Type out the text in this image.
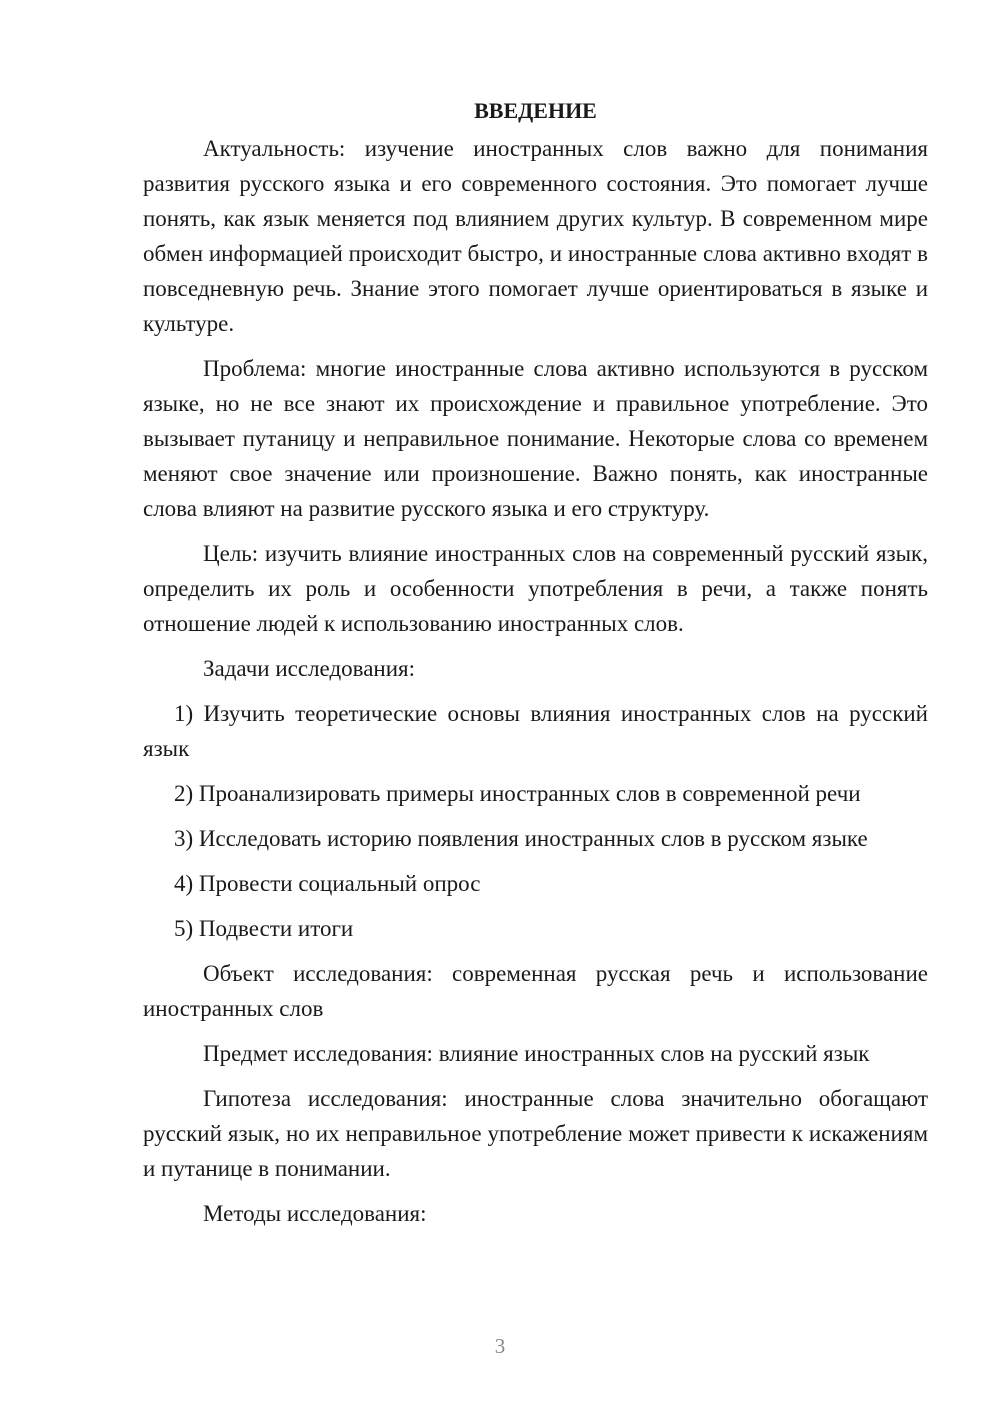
ВВЕДЕНИЕ

Актуальность: изучение иностранных слов важно для понимания развития русского языка и его современного состояния. Это помогает лучше понять, как язык меняется под влиянием других культур. В современном мире обмен информацией происходит быстро, и иностранные слова активно входят в повседневную речь. Знание этого помогает лучше ориентироваться в языке и культуре.

Проблема: многие иностранные слова активно используются в русском языке, но не все знают их происхождение и правильное употребление. Это вызывает путаницу и неправильное понимание. Некоторые слова со временем меняют свое значение или произношение. Важно понять, как иностранные слова влияют на развитие русского языка и его структуру.

Цель: изучить влияние иностранных слов на современный русский язык, определить их роль и особенности употребления в речи, а также понять отношение людей к использованию иностранных слов.

Задачи исследования:

1) Изучить теоретические основы влияния иностранных слов на русский язык

2) Проанализировать примеры иностранных слов в современной речи

3) Исследовать историю появления иностранных слов в русском языке

4) Провести социальный опрос

5) Подвести итоги

Объект исследования: современная русская речь и использование иностранных слов

Предмет исследования: влияние иностранных слов на русский язык

Гипотеза исследования: иностранные слова значительно обогащают русский язык, но их неправильное употребление может привести к искажениям и путанице в понимании.

Методы исследования:

3
